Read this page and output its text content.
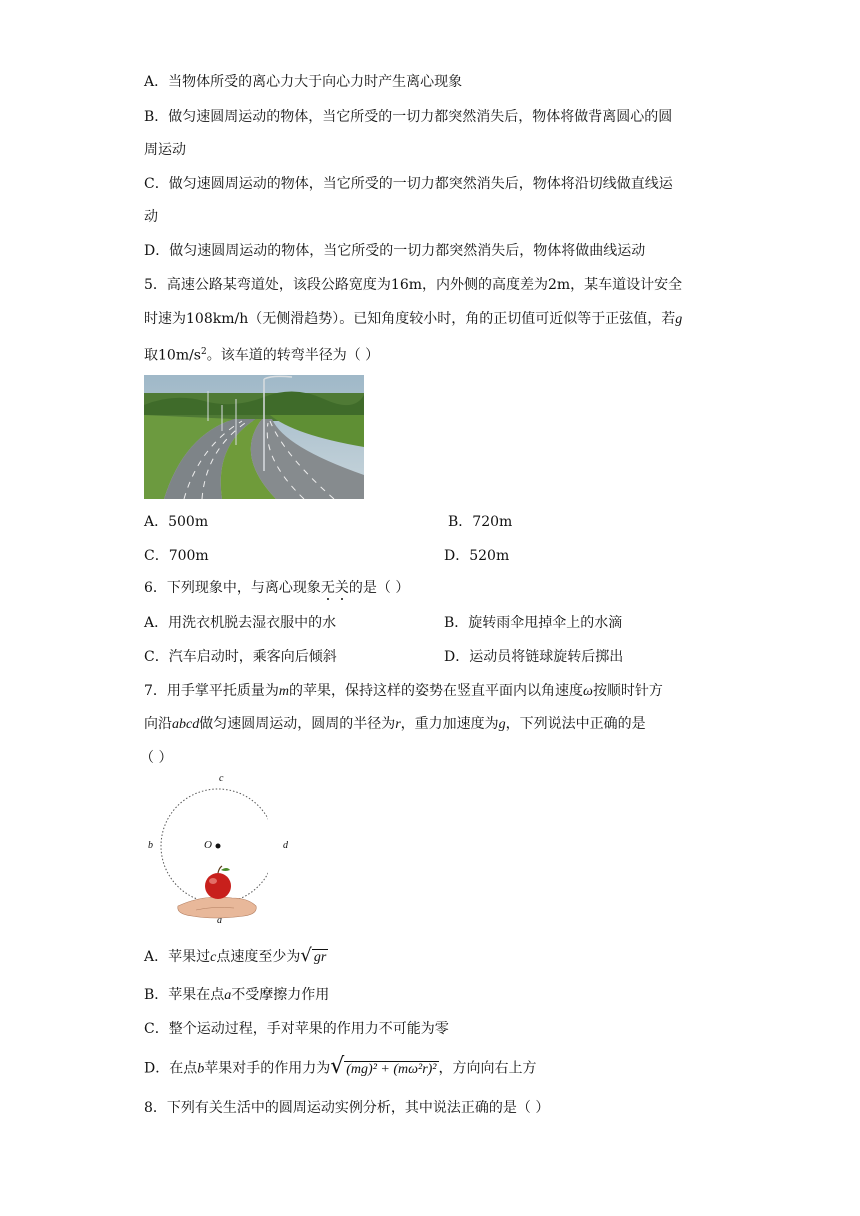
A．当物体所受的离心力大于向心力时产生离心现象
B．做匀速圆周运动的物体，当它所受的一切力都突然消失后，物体将做背离圆心的圆
周运动
C．做匀速圆周运动的物体，当它所受的一切力都突然消失后，物体将沿切线做直线运
动
D．做匀速圆周运动的物体，当它所受的一切力都突然消失后，物体将做曲线运动
5．高速公路某弯道处，该段公路宽度为16m，内外侧的高度差为2m，某车道设计安全
时速为108km/h（无侧滑趋势）。已知角度较小时，角的正切值可近似等于正弦值，若g
取$10m/s^2$。该车道的转弯半径为（ ）
A．500m	B．720m
C．700m	D．520m
6．下列现象中，与离心现象无关的是（ ）
A．用洗衣机脱去湿衣服中的水	B．旋转雨伞甩掉伞上的水滴
C．汽车启动时，乘客向后倾斜	D．运动员将链球旋转后掷出
7．用手掌平托质量为m的苹果，保持这样的姿势在竖直平面内以角速度ω按顺时针方
向沿abcd做匀速圆周运动，圆周的半径为r，重力加速度为g，下列说法中正确的是
（ ）
c
b	d
a
O
A．苹果过c点速度至少为√ gr
B．苹果在点a不受摩擦力作用
C．整个运动过程，手对苹果的作用力不可能为零
D．在点b苹果对手的作用力为√ (mg)² + (mω²r)² ，方向向右上方
8．下列有关生活中的圆周运动实例分析，其中说法正确的是（ ）
